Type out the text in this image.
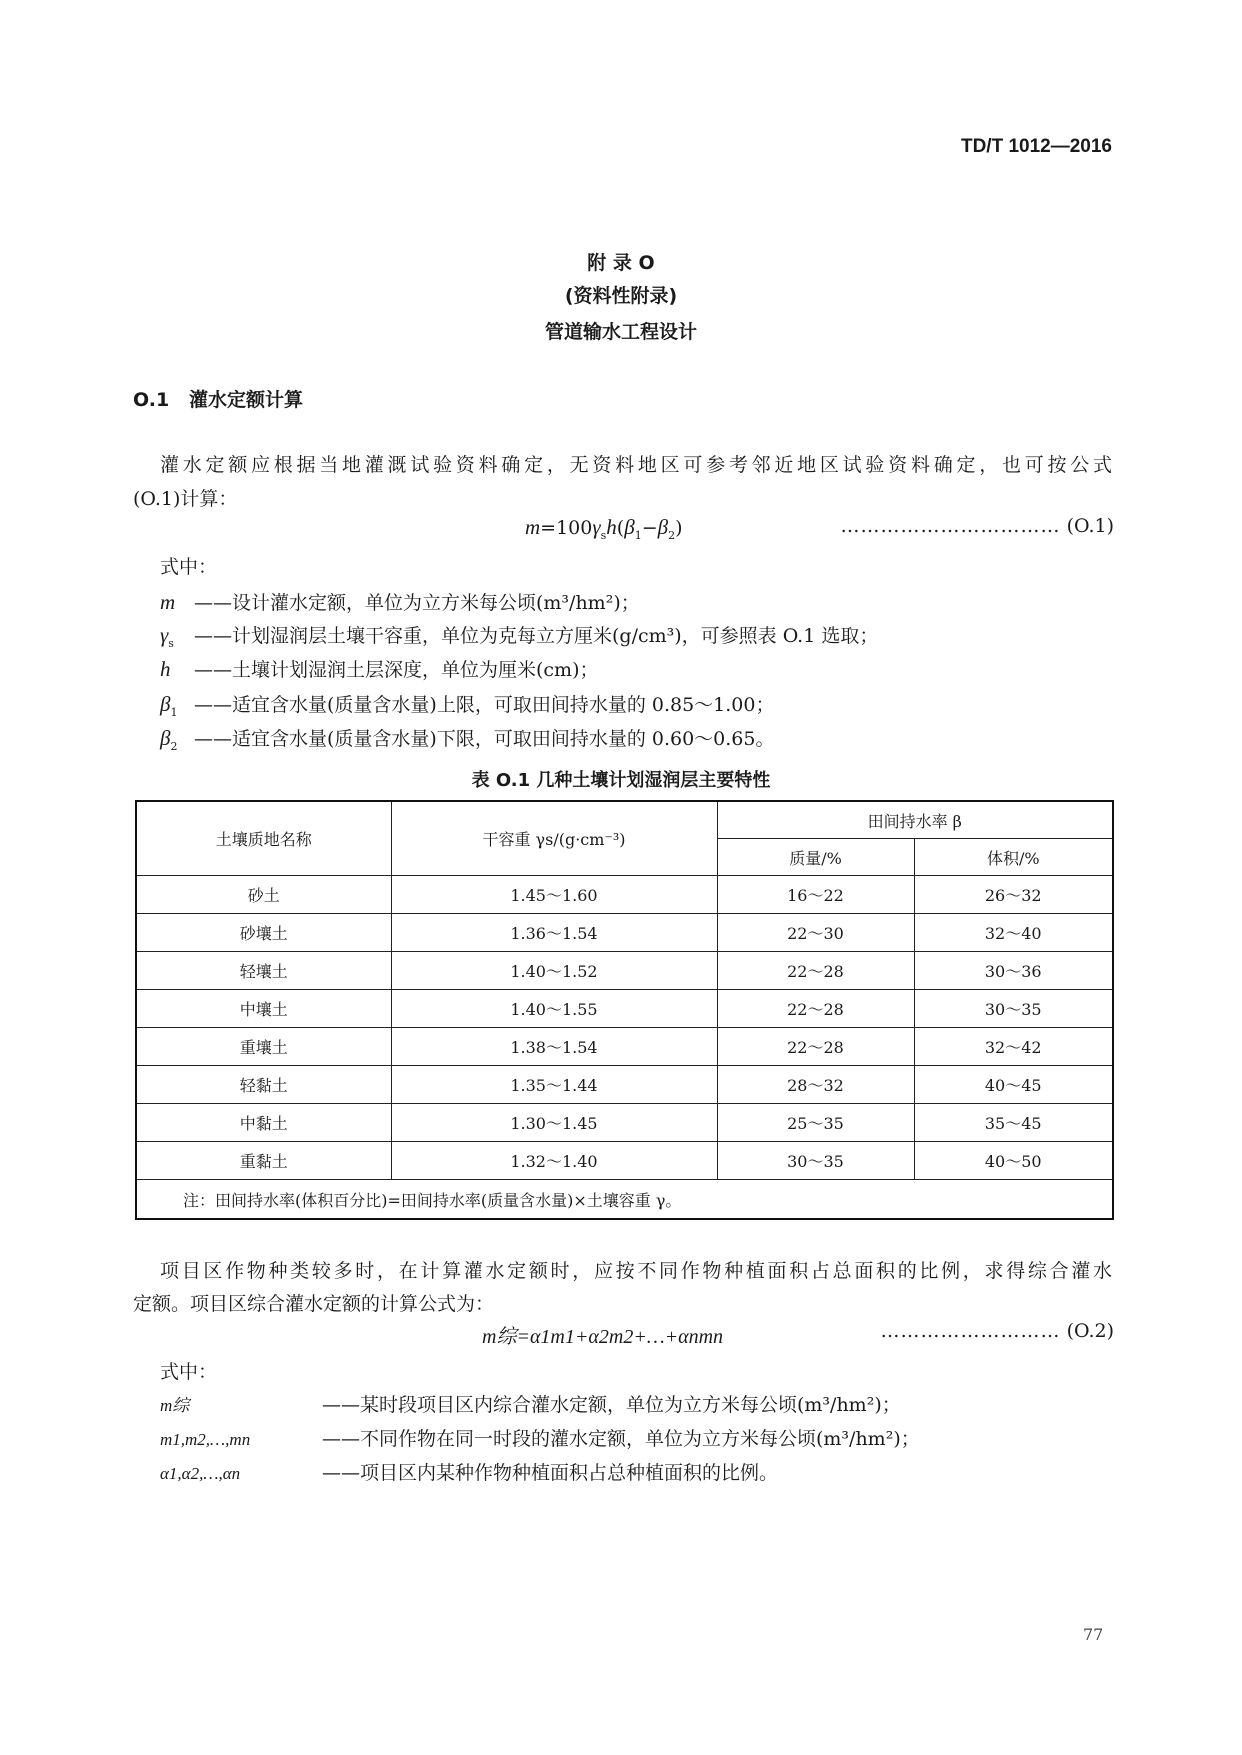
TD/T 1012—2016
附 录 O
(资料性附录)
管道输水工程设计
O.1 灌水定额计算
灌水定额应根据当地灌溉试验资料确定，无资料地区可参考邻近地区试验资料确定，也可按公式
(O.1)计算：
$m=100\gamma_sh(\beta_1-\beta_2)$	…………………………… (O.1)
式中：
m ——设计灌水定额，单位为立方米每公顷(m³/hm²)；
$\gamma_s$ ——计划湿润层土壤干容重，单位为克每立方厘米(g/cm³)，可参照表 O.1 选取；
h ——土壤计划湿润土层深度，单位为厘米(cm)；
$\beta_1$ ——适宜含水量(质量含水量)上限，可取田间持水量的 0.85～1.00；
$\beta_2$ ——适宜含水量(质量含水量)下限，可取田间持水量的 0.60～0.65。
表 O.1 几种土壤计划湿润层主要特性
土壤质地名称	干容重 γs/(g·cm⁻³)	田间持水率 β	
		质量/%	体积/%
砂土	1.45～1.60	16～22	26～32
砂壤土	1.36～1.54	22～30	32～40
轻壤土	1.40～1.52	22～28	30～36
中壤土	1.40～1.55	22～28	30～35
重壤土	1.38～1.54	22～28	32～42
轻黏土	1.35～1.44	28～32	40～45
中黏土	1.30～1.45	25～35	35～45
重黏土	1.32～1.40	30～35	40～50
注：田间持水率(体积百分比)=田间持水率(质量含水量)×土壤容重 γ。			
项目区作物种类较多时，在计算灌水定额时，应按不同作物种植面积占总面积的比例，求得综合灌水
定额。项目区综合灌水定额的计算公式为：
m综=α1m1+α2m2+…+αnmn	……………………… (O.2)
式中：
m综	——某时段项目区内综合灌水定额，单位为立方米每公顷(m³/hm²)；
m1,m2,…,mn	——不同作物在同一时段的灌水定额，单位为立方米每公顷(m³/hm²)；
α1,α2,…,αn	——项目区内某种作物种植面积占总种植面积的比例。
77
